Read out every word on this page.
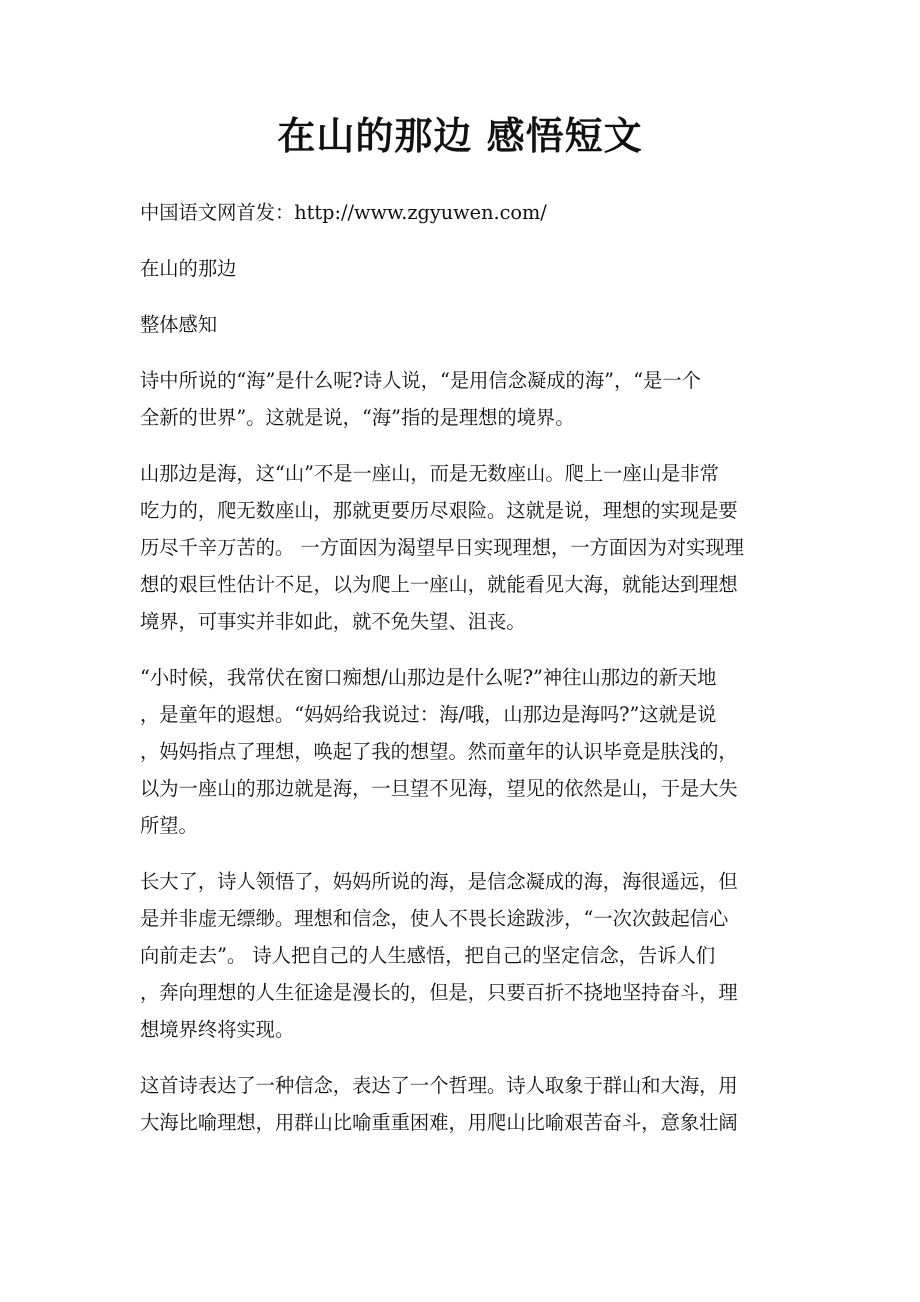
在山的那边 感悟短文

中国语文网首发：http://www.zgyuwen.com/

在山的那边

整体感知

诗中所说的“海”是什么呢?诗人说，“是用信念凝成的海”，“是一个
全新的世界”。这就是说，“海”指的是理想的境界。

山那边是海，这“山”不是一座山，而是无数座山。爬上一座山是非常
吃力的，爬无数座山，那就更要历尽艰险。这就是说，理想的实现是要
历尽千辛万苦的。 一方面因为渴望早日实现理想，一方面因为对实现理
想的艰巨性估计不足，以为爬上一座山，就能看见大海，就能达到理想
境界，可事实并非如此，就不免失望、沮丧。

“小时候，我常伏在窗口痴想/山那边是什么呢?”神往山那边的新天地
，是童年的遐想。“妈妈给我说过：海/哦，山那边是海吗?”这就是说
，妈妈指点了理想，唤起了我的想望。然而童年的认识毕竟是肤浅的，
以为一座山的那边就是海，一旦望不见海，望见的依然是山，于是大失
所望。

长大了，诗人领悟了，妈妈所说的海，是信念凝成的海，海很遥远，但
是并非虚无缥缈。理想和信念，使人不畏长途跋涉，“一次次鼓起信心
向前走去”。 诗人把自己的人生感悟，把自己的坚定信念，告诉人们
，奔向理想的人生征途是漫长的，但是，只要百折不挠地坚持奋斗，理
想境界终将实现。

这首诗表达了一种信念，表达了一个哲理。诗人取象于群山和大海，用
大海比喻理想，用群山比喻重重困难，用爬山比喻艰苦奋斗，意象壮阔
